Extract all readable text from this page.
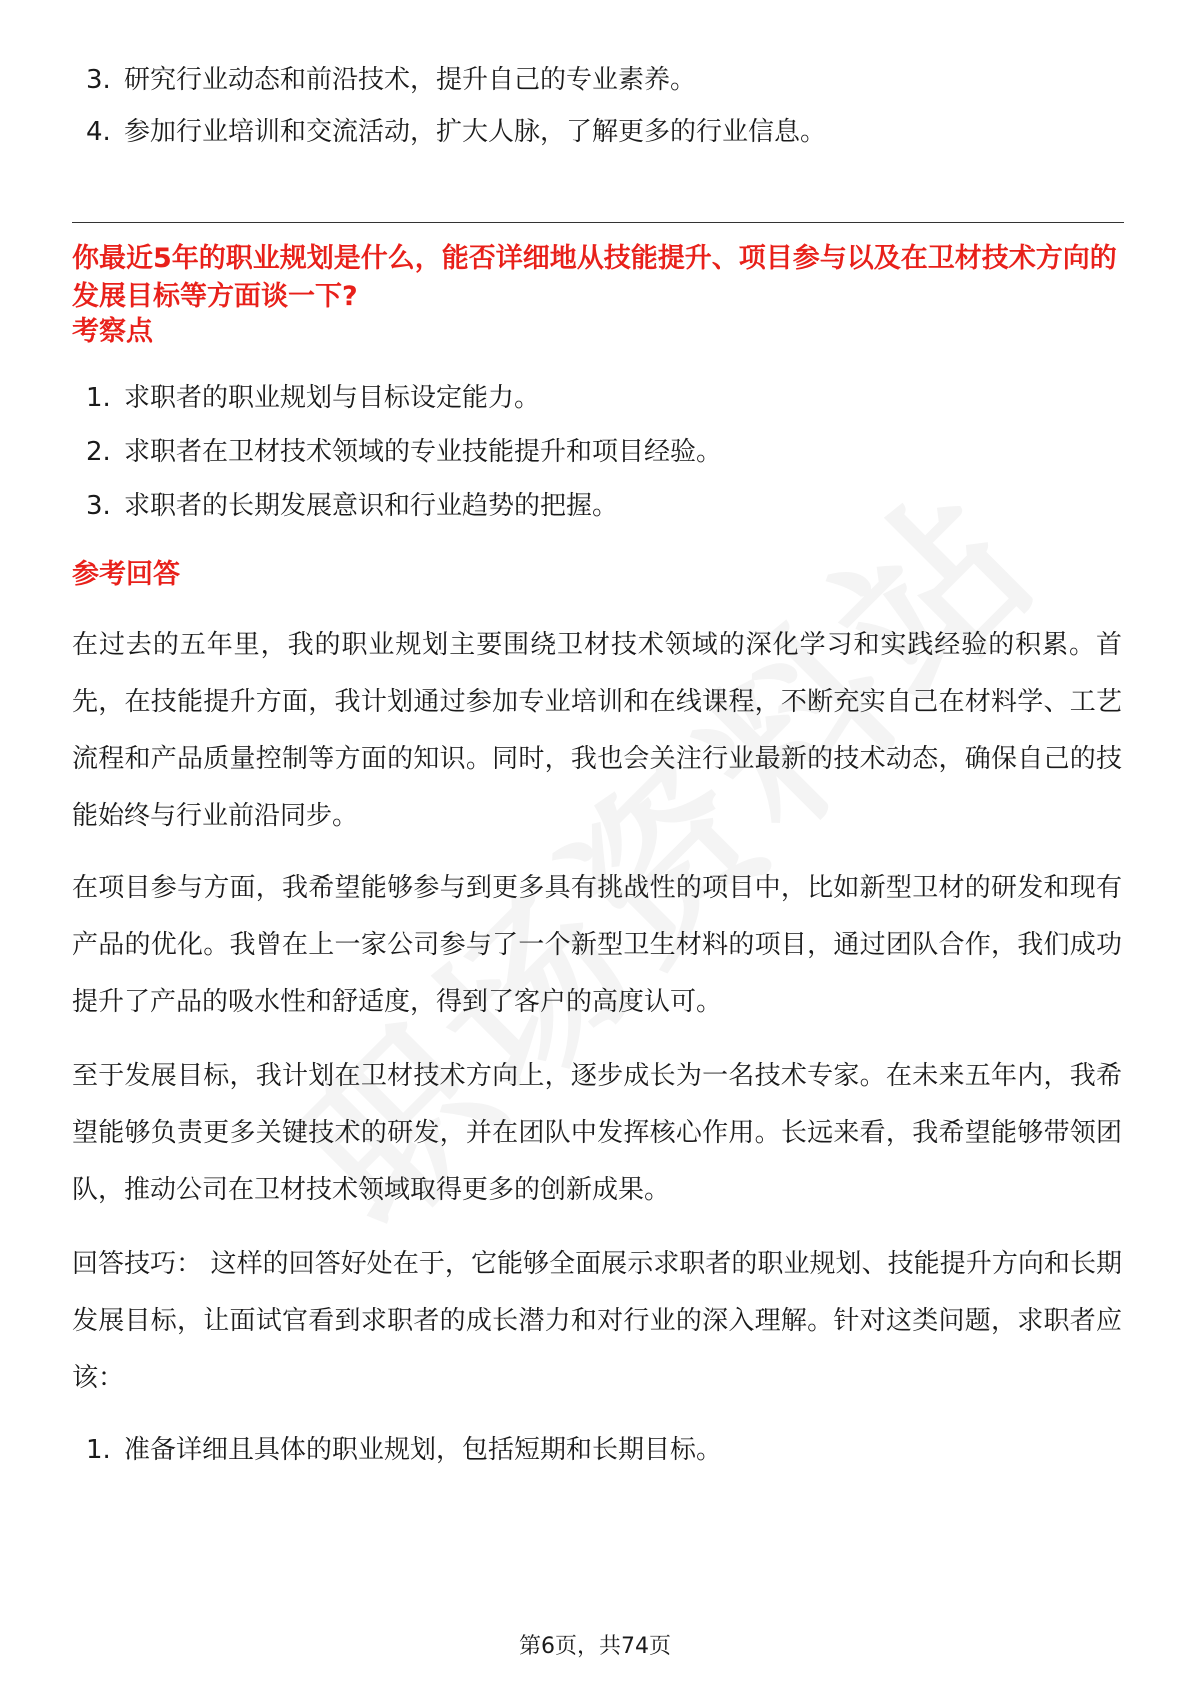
3. 研究行业动态和前沿技术，提升自己的专业素养。
4. 参加行业培训和交流活动，扩大人脉，了解更多的行业信息。
你最近5年的职业规划是什么，能否详细地从技能提升、项目参与以及在卫材技术方向的发展目标等方面谈一下?
考察点
1. 求职者的职业规划与目标设定能力。
2. 求职者在卫材技术领域的专业技能提升和项目经验。
3. 求职者的长期发展意识和行业趋势的把握。
参考回答
在过去的五年里，我的职业规划主要围绕卫材技术领域的深化学习和实践经验的积累。首先，在技能提升方面，我计划通过参加专业培训和在线课程，不断充实自己在材料学、工艺流程和产品质量控制等方面的知识。同时，我也会关注行业最新的技术动态，确保自己的技能始终与行业前沿同步。
在项目参与方面，我希望能够参与到更多具有挑战性的项目中，比如新型卫材的研发和现有产品的优化。我曾在上一家公司参与了一个新型卫生材料的项目，通过团队合作，我们成功提升了产品的吸水性和舒适度，得到了客户的高度认可。
至于发展目标，我计划在卫材技术方向上，逐步成长为一名技术专家。在未来五年内，我希望能够负责更多关键技术的研发，并在团队中发挥核心作用。长远来看，我希望能够带领团队，推动公司在卫材技术领域取得更多的创新成果。
回答技巧： 这样的回答好处在于，它能够全面展示求职者的职业规划、技能提升方向和长期发展目标，让面试官看到求职者的成长潜力和对行业的深入理解。针对这类问题，求职者应该：
1. 准备详细且具体的职业规划，包括短期和长期目标。
第6页，共74页
